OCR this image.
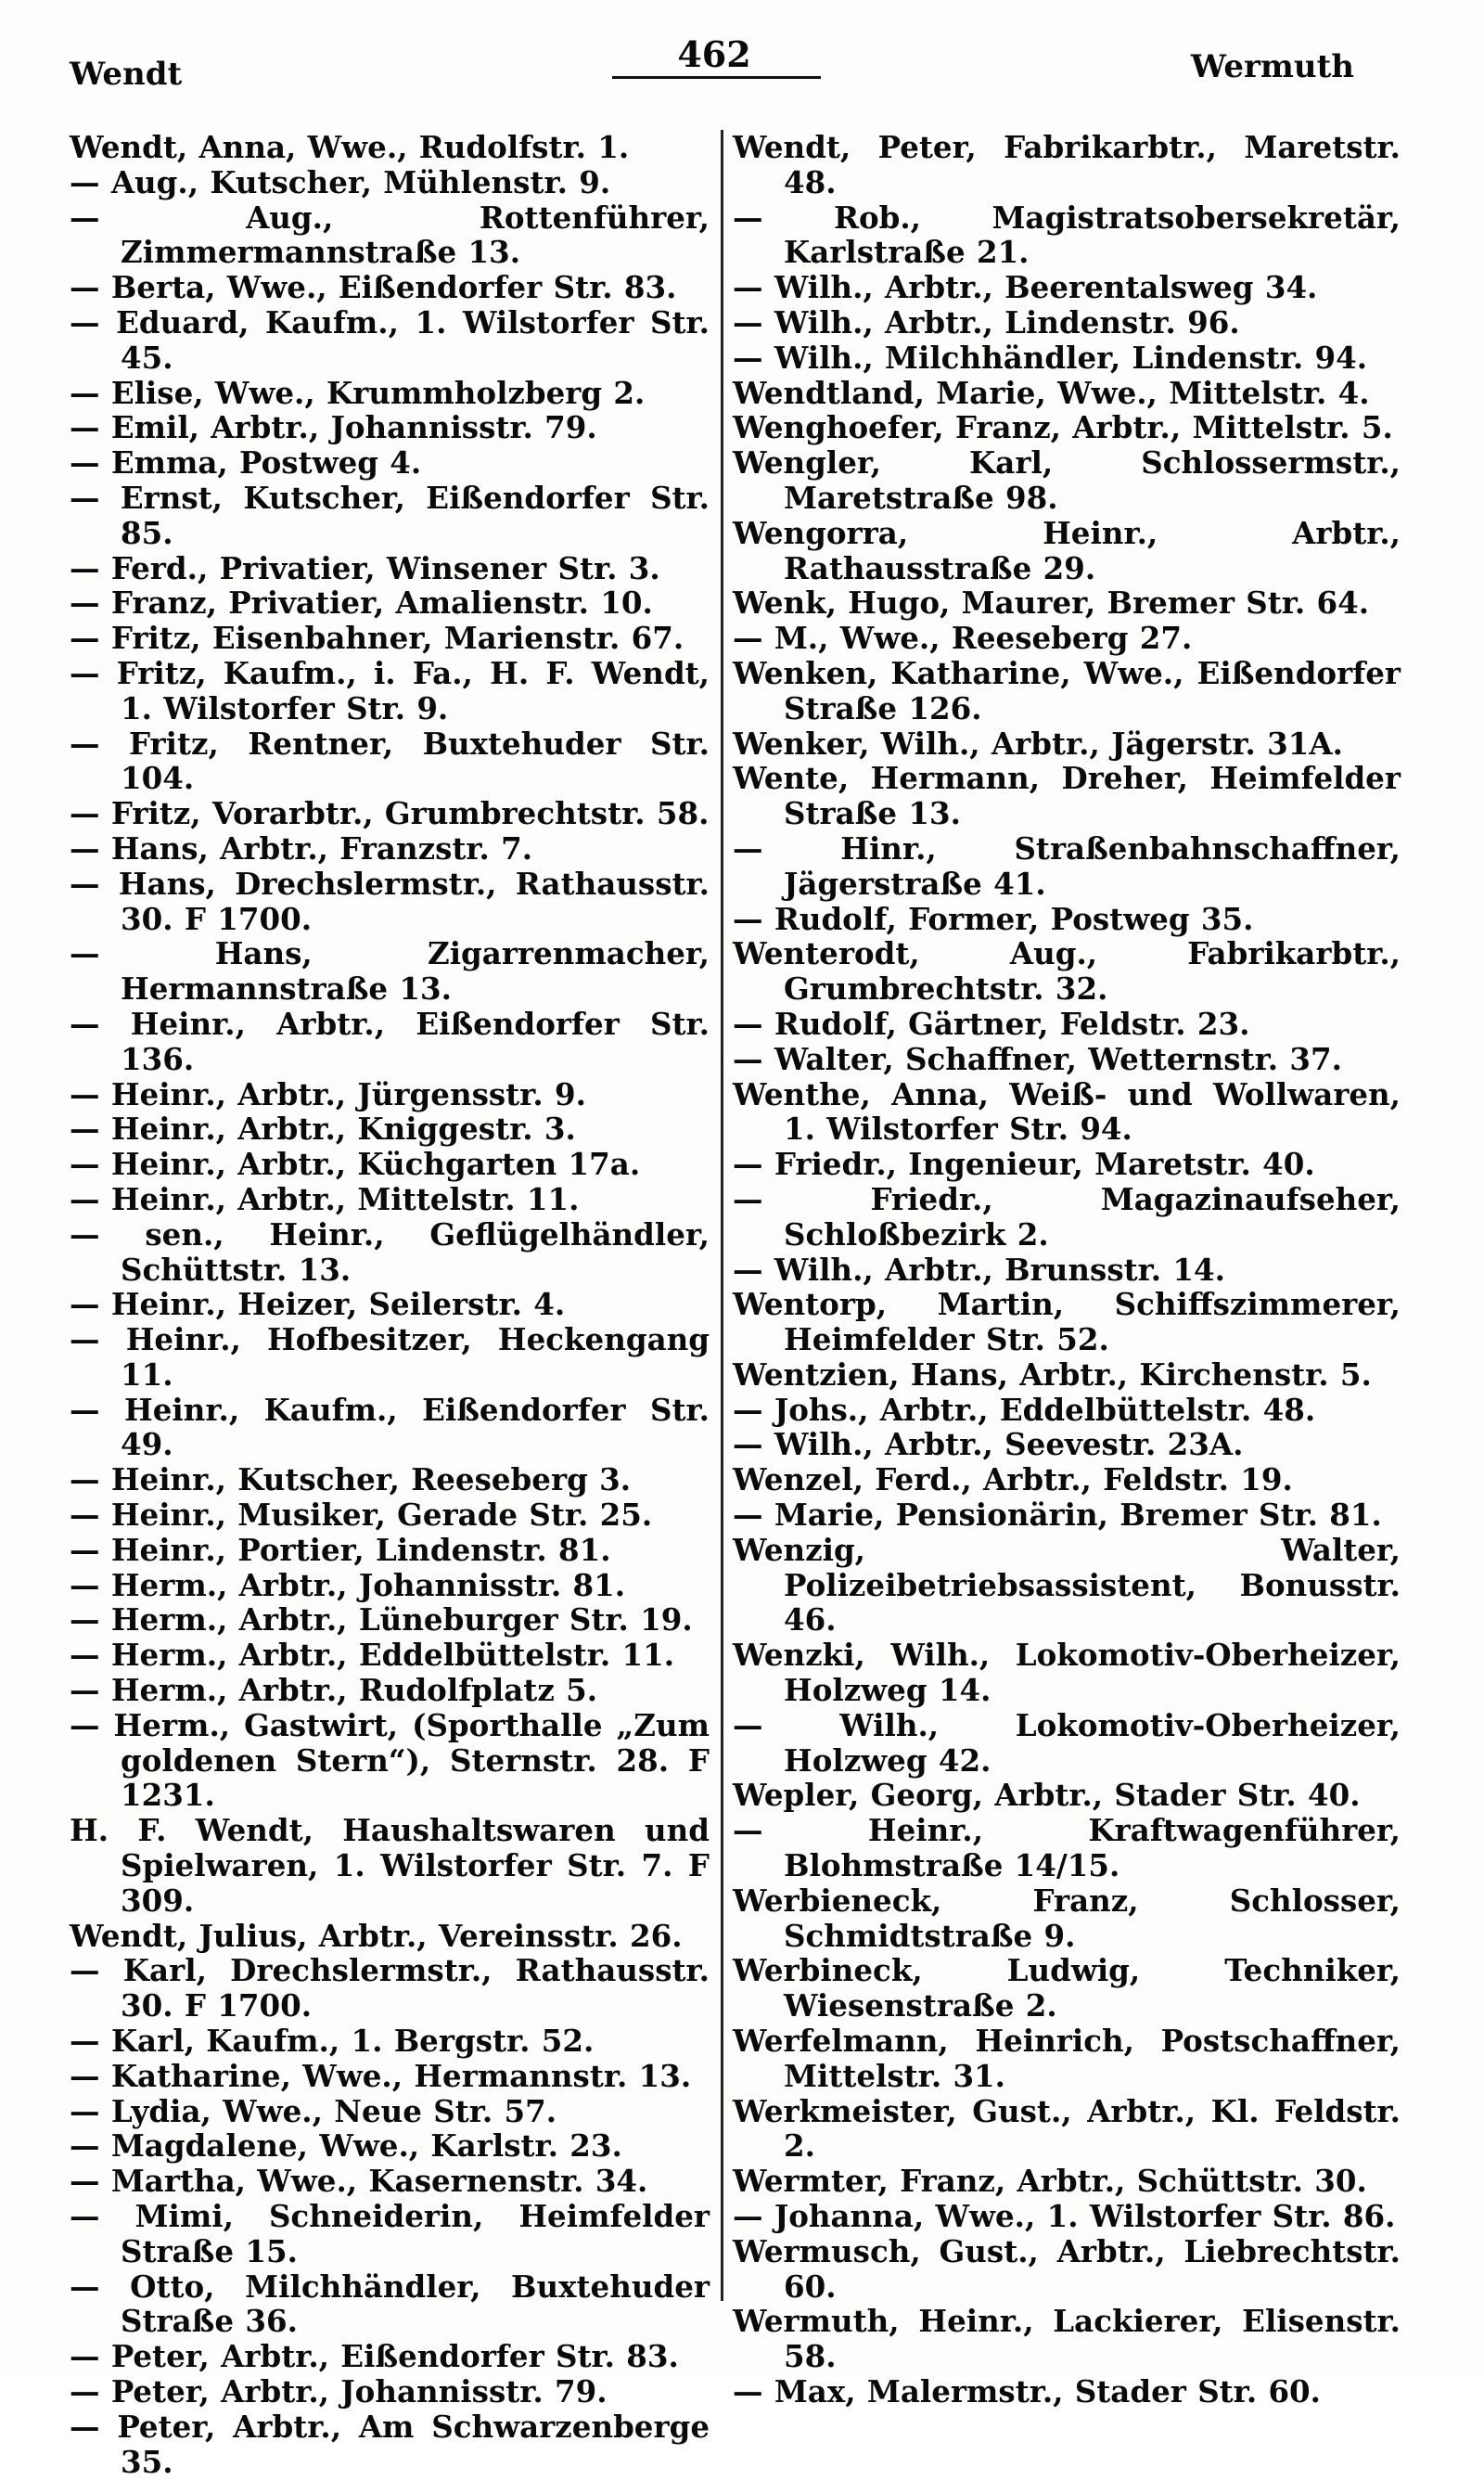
Wendt	462	Wermuth

Wendt, Anna, Wwe., Rudolfstr. 1.

— Aug., Kutscher, Mühlenstr. 9.

— Aug., Rottenführer, Zimmermannstraße 13.

— Berta, Wwe., Eißendorfer Str. 83.

— Eduard, Kaufm., 1. Wilstorfer Str. 45.

— Elise, Wwe., Krummholzberg 2.

— Emil, Arbtr., Johannisstr. 79.

— Emma, Postweg 4.

— Ernst, Kutscher, Eißendorfer Str. 85.

— Ferd., Privatier, Winsener Str. 3.

— Franz, Privatier, Amalienstr. 10.

— Fritz, Eisenbahner, Marienstr. 67.

— Fritz, Kaufm., i. Fa., H. F. Wendt, 1. Wilstorfer Str. 9.

— Fritz, Rentner, Buxtehuder Str. 104.

— Fritz, Vorarbtr., Grumbrechtstr. 58.

— Hans, Arbtr., Franzstr. 7.

— Hans, Drechslermstr., Rathausstr. 30. F 1700.

— Hans, Zigarrenmacher, Hermannstraße 13.

— Heinr., Arbtr., Eißendorfer Str. 136.

— Heinr., Arbtr., Jürgensstr. 9.

— Heinr., Arbtr., Kniggestr. 3.

— Heinr., Arbtr., Küchgarten 17a.

— Heinr., Arbtr., Mittelstr. 11.

— sen., Heinr., Geflügelhändler, Schüttstr. 13.

— Heinr., Heizer, Seilerstr. 4.

— Heinr., Hofbesitzer, Heckengang 11.

— Heinr., Kaufm., Eißendorfer Str. 49.

— Heinr., Kutscher, Reeseberg 3.

— Heinr., Musiker, Gerade Str. 25.

— Heinr., Portier, Lindenstr. 81.

— Herm., Arbtr., Johannisstr. 81.

— Herm., Arbtr., Lüneburger Str. 19.

— Herm., Arbtr., Eddelbüttelstr. 11.

— Herm., Arbtr., Rudolfplatz 5.

— Herm., Gastwirt, (Sporthalle „Zum goldenen Stern“), Sternstr. 28. F 1231.

H. F. Wendt, Haushaltswaren und Spielwaren, 1. Wilstorfer Str. 7. F 309.

Wendt, Julius, Arbtr., Vereinsstr. 26.

— Karl, Drechslermstr., Rathausstr. 30. F 1700.

— Karl, Kaufm., 1. Bergstr. 52.

— Katharine, Wwe., Hermannstr. 13.

— Lydia, Wwe., Neue Str. 57.

— Magdalene, Wwe., Karlstr. 23.

— Martha, Wwe., Kasernenstr. 34.

— Mimi, Schneiderin, Heimfelder Straße 15.

— Otto, Milchhändler, Buxtehuder Straße 36.

— Peter, Arbtr., Eißendorfer Str. 83.

— Peter, Arbtr., Johannisstr. 79.

— Peter, Arbtr., Am Schwarzenberge 35.

Wendt, Peter, Fabrikarbtr., Maretstr. 48.

— Rob., Magistratsobersekretär, Karlstraße 21.

— Wilh., Arbtr., Beerentalsweg 34.

— Wilh., Arbtr., Lindenstr. 96.

— Wilh., Milchhändler, Lindenstr. 94.

Wendtland, Marie, Wwe., Mittelstr. 4.

Wenghoefer, Franz, Arbtr., Mittelstr. 5.

Wengler, Karl, Schlossermstr., Maretstraße 98.

Wengorra, Heinr., Arbtr., Rathausstraße 29.

Wenk, Hugo, Maurer, Bremer Str. 64.

— M., Wwe., Reeseberg 27.

Wenken, Katharine, Wwe., Eißendorfer Straße 126.

Wenker, Wilh., Arbtr., Jägerstr. 31A.

Wente, Hermann, Dreher, Heimfelder Straße 13.

— Hinr., Straßenbahnschaffner, Jägerstraße 41.

— Rudolf, Former, Postweg 35.

Wenterodt, Aug., Fabrikarbtr., Grumbrechtstr. 32.

— Rudolf, Gärtner, Feldstr. 23.

— Walter, Schaffner, Wetternstr. 37.

Wenthe, Anna, Weiß- und Wollwaren, 1. Wilstorfer Str. 94.

— Friedr., Ingenieur, Maretstr. 40.

— Friedr., Magazinaufseher, Schloßbezirk 2.

— Wilh., Arbtr., Brunsstr. 14.

Wentorp, Martin, Schiffszimmerer, Heimfelder Str. 52.

Wentzien, Hans, Arbtr., Kirchenstr. 5.

— Johs., Arbtr., Eddelbüttelstr. 48.

— Wilh., Arbtr., Seevestr. 23A.

Wenzel, Ferd., Arbtr., Feldstr. 19.

— Marie, Pensionärin, Bremer Str. 81.

Wenzig, Walter, Polizeibetriebsassistent, Bonusstr. 46.

Wenzki, Wilh., Lokomotiv-Oberheizer, Holzweg 14.

— Wilh., Lokomotiv-Oberheizer, Holzweg 42.

Wepler, Georg, Arbtr., Stader Str. 40.

— Heinr., Kraftwagenführer, Blohmstraße 14/15.

Werbieneck, Franz, Schlosser, Schmidtstraße 9.

Werbineck, Ludwig, Techniker, Wiesenstraße 2.

Werfelmann, Heinrich, Postschaffner, Mittelstr. 31.

Werkmeister, Gust., Arbtr., Kl. Feldstr. 2.

Wermter, Franz, Arbtr., Schüttstr. 30.

— Johanna, Wwe., 1. Wilstorfer Str. 86.

Wermusch, Gust., Arbtr., Liebrechtstr. 60.

Wermuth, Heinr., Lackierer, Elisenstr. 58.

— Max, Malermstr., Stader Str. 60.
